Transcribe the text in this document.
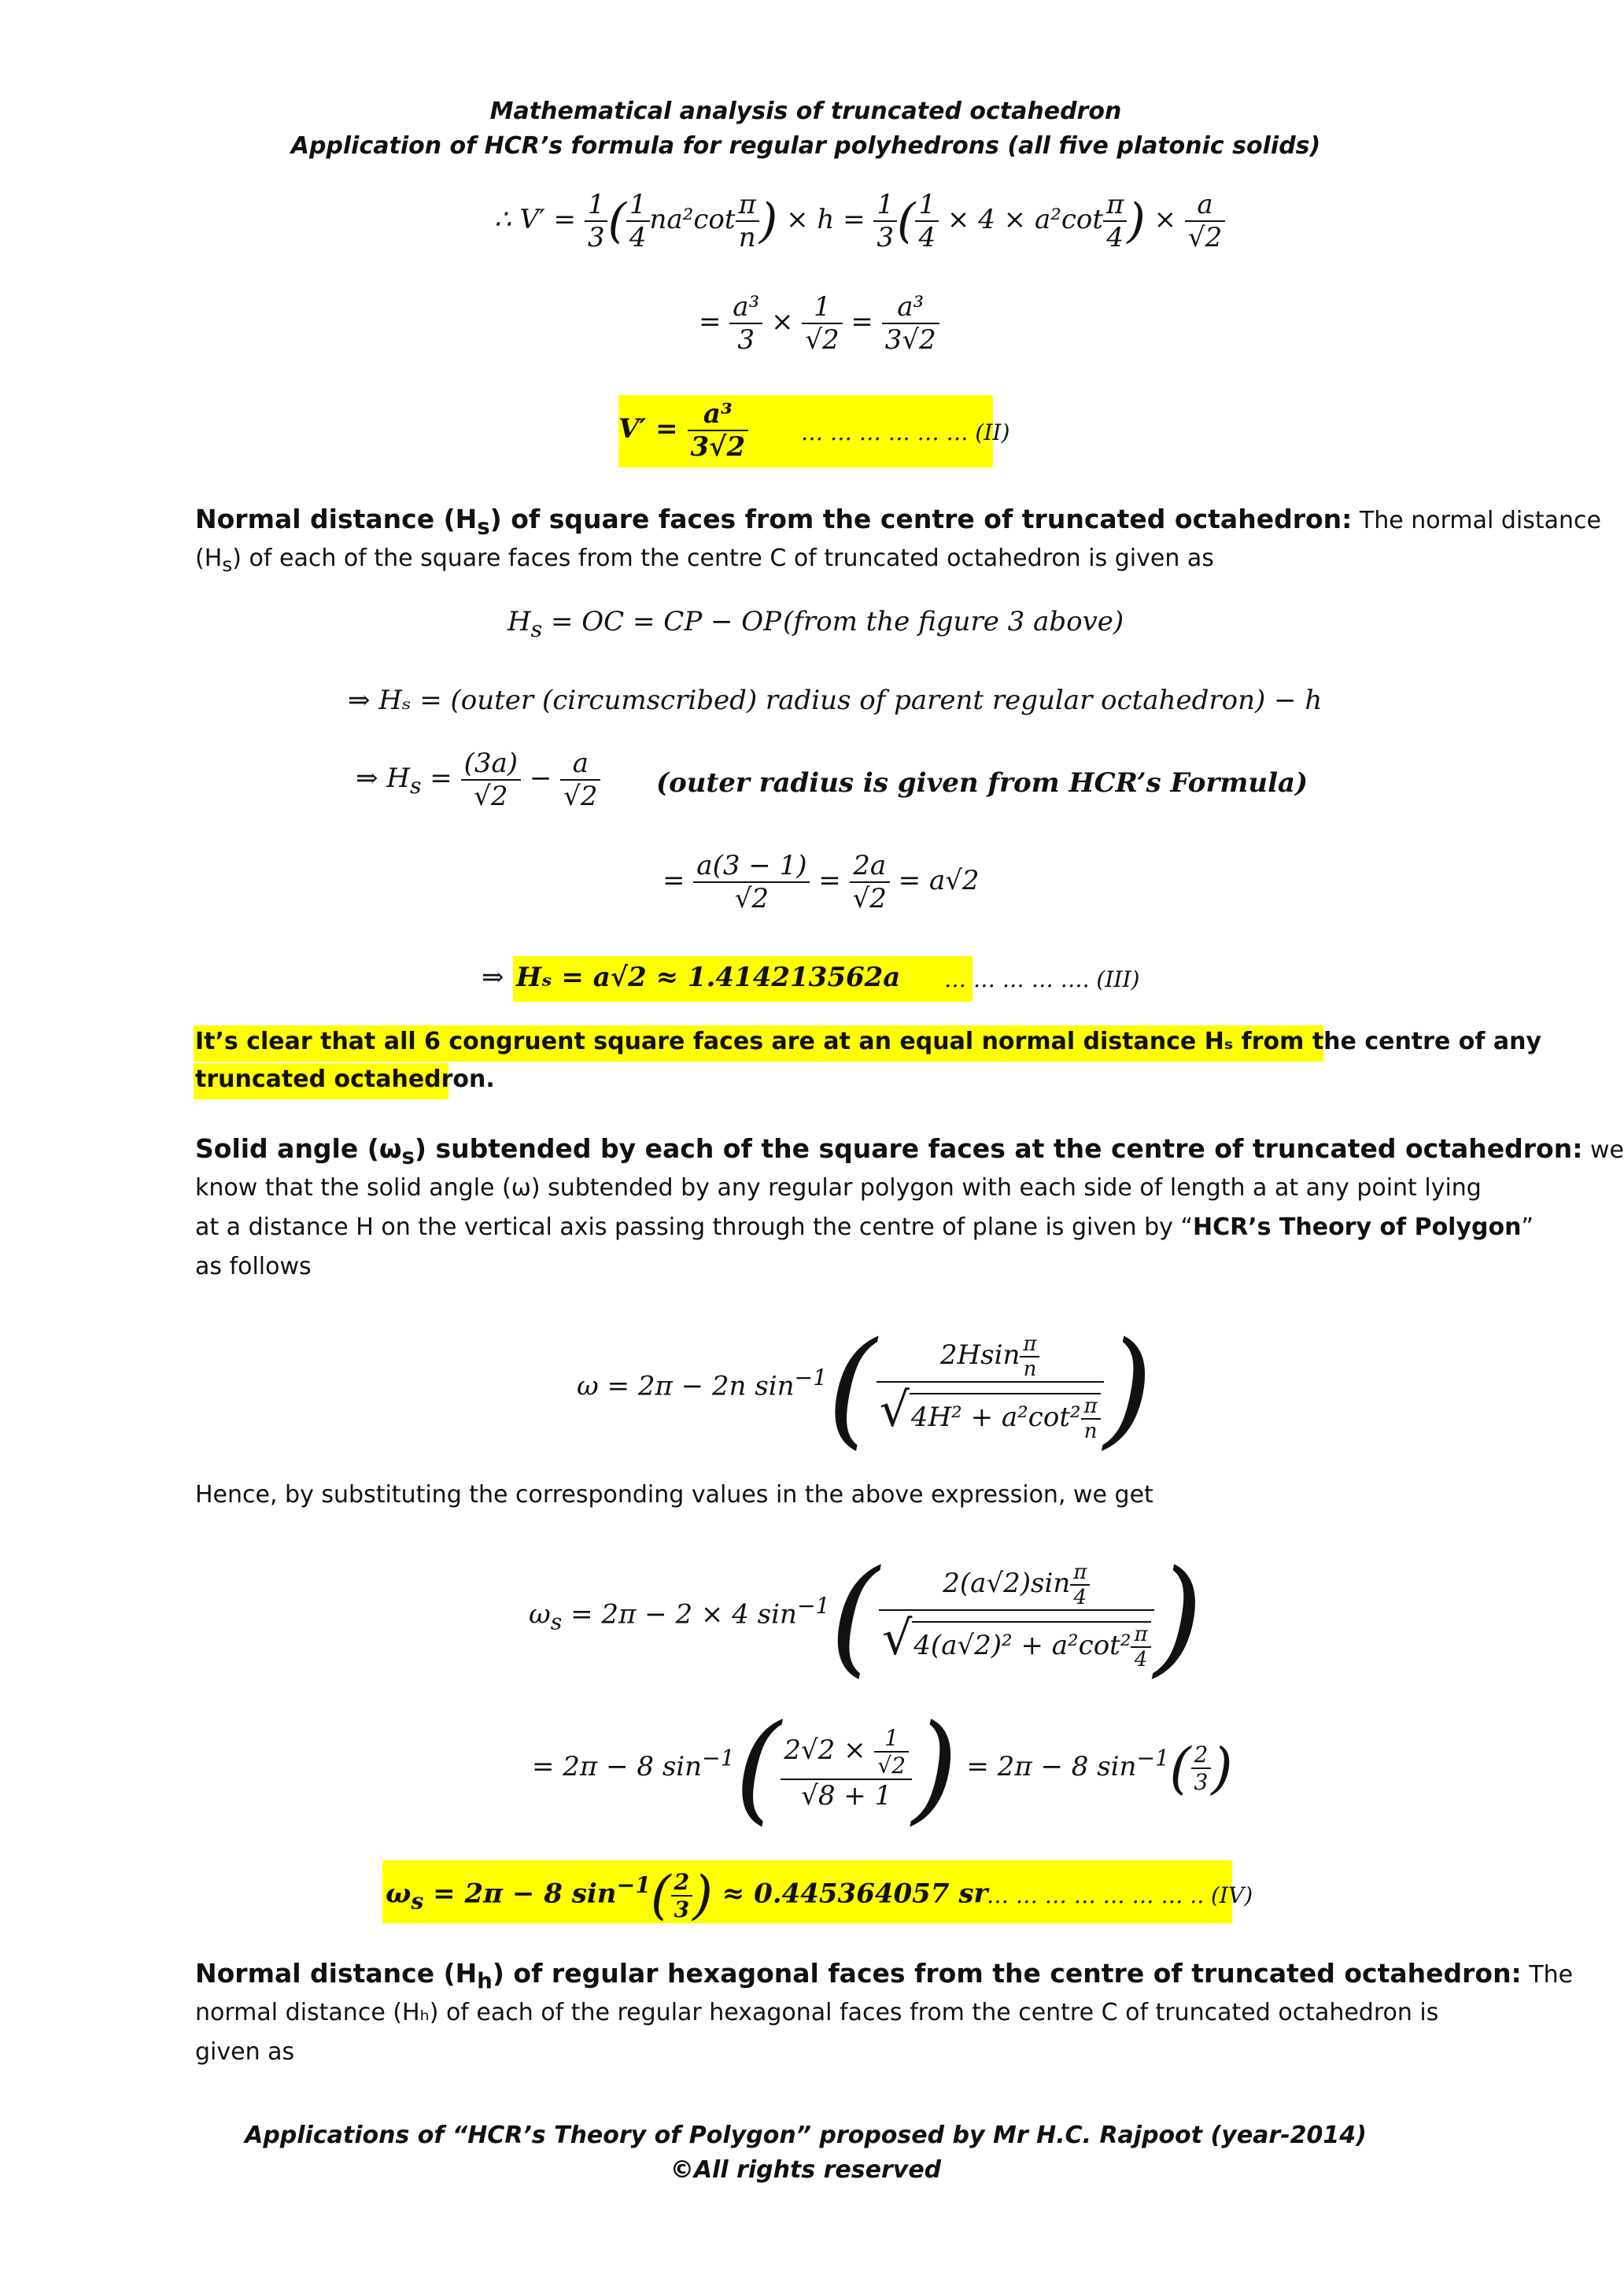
Mathematical analysis of truncated octahedron
Application of HCR’s formula for regular polyhedrons (all five platonic solids)
∴ $V' = \frac{1}{3}$ ( $\frac{1}{4} na^2\cot \frac{\pi}{n}$ ) × $h = \frac{1}{3}$ ( $\frac{1}{4} \times 4 \times a^2\cot \frac{\pi}{4}$ ) × $\frac{a}{√2}$
= $\frac{\text{a³}}{3} \times \frac{1}{√2} = \frac{\text{a³}}{3√2}$
$V' = \frac{\text{a³}}{3√2}$ … … … … … … (II)
Normal distance $(H_s)$ of square faces from the centre of truncated octahedron: The normal distance
$(H_s)$ of each of the square faces from the centre C of truncated octahedron is given as
$H_s$ = OC = CP − OP (from the figure 3 above)
⇒ Hₛ = (outer (circumscribed) radius of parent regular octahedron) − h
⇒ $H_s = \frac{(3a)}{√2} - \frac{a}{√2}$ (outer radius is given from HCR’s Formula)
= $\frac{a(3 - 1)}{√2} = \frac{2a}{√2} = a√2$
⇒ Hₛ = a√2 ≈ 1.414213562a … … … … …. (III)
It’s clear that all 6 congruent square faces are at an equal normal distance Hₛ from the centre of any
truncated octahedron.
Solid angle $(\omega_s)$ subtended by each of the square faces at the centre of truncated octahedron: we
know that the solid angle (ω) subtended by any regular polygon with each side of length a at any point lying
at a distance H on the vertical axis passing through the centre of plane is given by “HCR’s Theory of Polygon”
as follows
ω = 2π − 2n $\sin^{-1}( \frac{2Hsin \frac{\pi}{n}}{√4H^2 + a^2\cot^2 \frac{\pi}{n}}$ )
Hence, by substituting the corresponding values in the above expression, we get
$\omega_s = 2\pi - 2 \times 4$ $\sin^{-1}( \frac{2(a√2)\sin \frac{\pi}{4}}{√4(a√2)^2 + a^2\cot^2 \frac{\pi}{4}}$ )
= 2π − 8 $\sin^{-1}( \frac{2√2 \times \frac{1}{√2}}{√8 + 1}$ ) = 2π − 8 $\sin^{-1}( \frac{2}{3}$ )
$\omega_s = 2\pi - 8$ $\sin^{-1}( \frac{2}{3}$ ) ≈ 0.445364057 sr
… … … … … … … .. (IV)
Normal distance $(H_h)$ of regular hexagonal faces from the centre of truncated octahedron: The
normal distance (Hₕ) of each of the regular hexagonal faces from the centre C of truncated octahedron is
given as
Applications of “HCR’s Theory of Polygon” proposed by Mr H.C. Rajpoot (year-2014)
©All rights reserved
